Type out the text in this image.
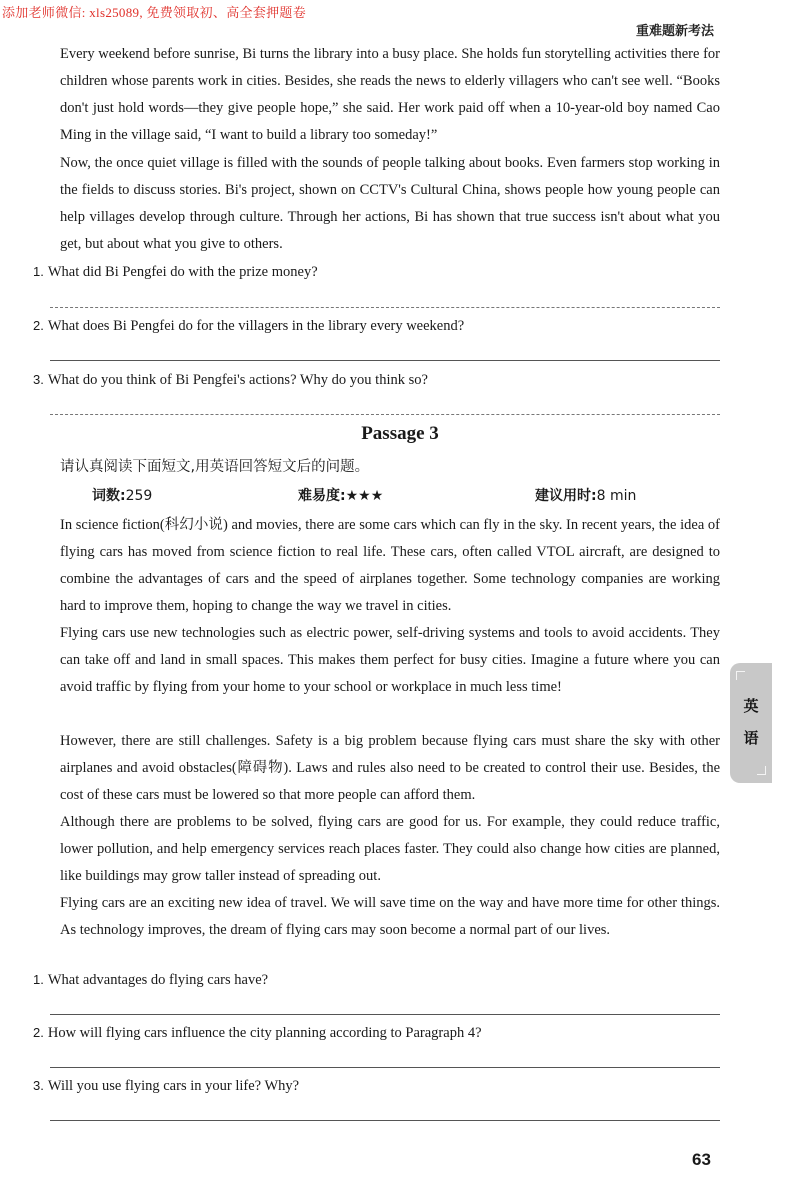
添加老师微信: xls25089, 免费领取初、高全套押题卷
重难题新考法

Every weekend before sunrise, Bi turns the library into a busy place. She holds fun storytelling activities there for children whose parents work in cities. Besides, she reads the news to elderly villagers who can't see well. “Books don't just hold words—they give people hope,” she said. Her work paid off when a 10-year-old boy named Cao Ming in the village said, “I want to build a library too someday!”

Now, the once quiet village is filled with the sounds of people talking about books. Even farmers stop working in the fields to discuss stories. Bi's project, shown on CCTV's Cultural China, shows people how young people can help villages develop through culture. Through her actions, Bi has shown that true success isn't about what you get, but about what you give to others.

1. What did Bi Pengfei do with the prize money?
2. What does Bi Pengfei do for the villagers in the library every weekend?
3. What do you think of Bi Pengfei's actions? Why do you think so?
Passage 3
请认真阅读下面短文,用英语回答短文后的问题。
词数:259	难易度:★★★	建议用时:8 min

In science fiction(科幻小说) and movies, there are some cars which can fly in the sky. In recent years, the idea of flying cars has moved from science fiction to real life. These cars, often called VTOL aircraft, are designed to combine the advantages of cars and the speed of airplanes together. Some technology companies are working hard to improve them, hoping to change the way we travel in cities.

Flying cars use new technologies such as electric power, self-driving systems and tools to avoid accidents. They can take off and land in small spaces. This makes them perfect for busy cities. Imagine a future where you can avoid traffic by flying from your home to your school or workplace in much less time!

However, there are still challenges. Safety is a big problem because flying cars must share the sky with other airplanes and avoid obstacles(障碍物). Laws and rules also need to be created to control their use. Besides, the cost of these cars must be lowered so that more people can afford them.

Although there are problems to be solved, flying cars are good for us. For example, they could reduce traffic, lower pollution, and help emergency services reach places faster. They could also change how cities are planned, like buildings may grow taller instead of spreading out.

Flying cars are an exciting new idea of travel. We will save time on the way and have more time for other things. As technology improves, the dream of flying cars may soon become a normal part of our lives.

1. What advantages do flying cars have?
2. How will flying cars influence the city planning according to Paragraph 4?
3. Will you use flying cars in your life? Why?
英
语
63
